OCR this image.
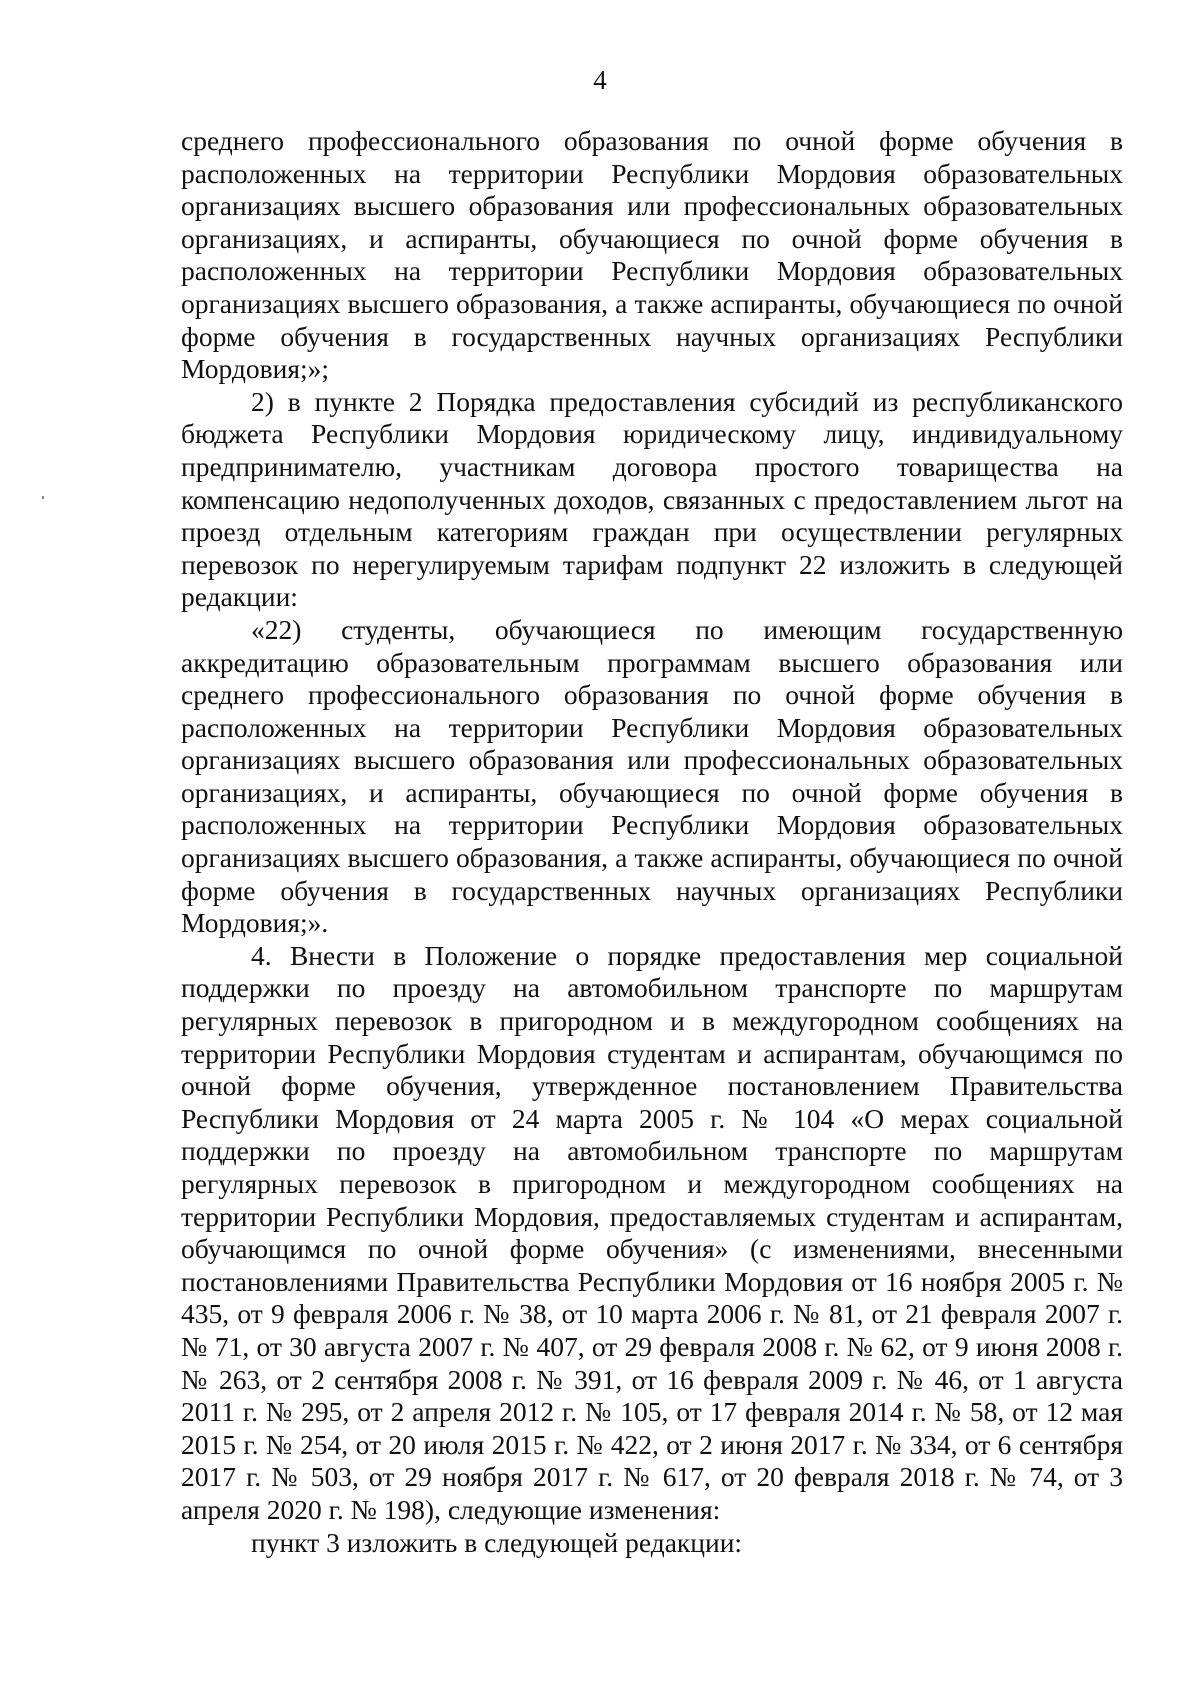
4

среднего профессионального образования по очной форме обучения в расположенных на территории Республики Мордовия образовательных организациях высшего образования или профессиональных образовательных организациях, и аспиранты, обучающиеся по очной форме обучения в расположенных на территории Республики Мордовия образовательных организациях высшего образования, а также аспиранты, обучающиеся по очной форме обучения в государственных научных организациях Республики Мордовия;»;

2) в пункте 2 Порядка предоставления субсидий из республиканского бюджета Республики Мордовия юридическому лицу, индивидуальному предпринимателю, участникам договора простого товарищества на компенсацию недополученных доходов, связанных с предоставлением льгот на проезд отдельным категориям граждан при осуществлении регулярных перевозок по нерегулируемым тарифам подпункт 22 изложить в следующей редакции:

«22) студенты, обучающиеся по имеющим государственную аккредитацию образовательным программам высшего образования или среднего профессионального образования по очной форме обучения в расположенных на территории Республики Мордовия образовательных организациях высшего образования или профессиональных образовательных организациях, и аспиранты, обучающиеся по очной форме обучения в расположенных на территории Республики Мордовия образовательных организациях высшего образования, а также аспиранты, обучающиеся по очной форме обучения в государственных научных организациях Республики Мордовия;».

4. Внести в Положение о порядке предоставления мер социальной поддержки по проезду на автомобильном транспорте по маршрутам регулярных перевозок в пригородном и в междугородном сообщениях на территории Республики Мордовия студентам и аспирантам, обучающимся по очной форме обучения, утвержденное постановлением Правительства Республики Мордовия от 24 марта 2005 г. № 104 «О мерах социальной поддержки по проезду на автомобильном транспорте по маршрутам регулярных перевозок в пригородном и междугородном сообщениях на территории Республики Мордовия, предоставляемых студентам и аспирантам, обучающимся по очной форме обучения» (с изменениями, внесенными постановлениями Правительства Республики Мордовия от 16 ноября 2005 г. № 435, от 9 февраля 2006 г. № 38, от 10 марта 2006 г. № 81, от 21 февраля 2007 г. № 71, от 30 августа 2007 г. № 407, от 29 февраля 2008 г. № 62, от 9 июня 2008 г. № 263, от 2 сентября 2008 г. № 391, от 16 февраля 2009 г. № 46, от 1 августа 2011 г. № 295, от 2 апреля 2012 г. № 105, от 17 февраля 2014 г. № 58, от 12 мая 2015 г. № 254, от 20 июля 2015 г. № 422, от 2 июня 2017 г. № 334, от 6 сентября 2017 г. № 503, от 29 ноября 2017 г. № 617, от 20 февраля 2018 г. № 74, от 3 апреля 2020 г. № 198), следующие изменения:

пункт 3 изложить в следующей редакции:
